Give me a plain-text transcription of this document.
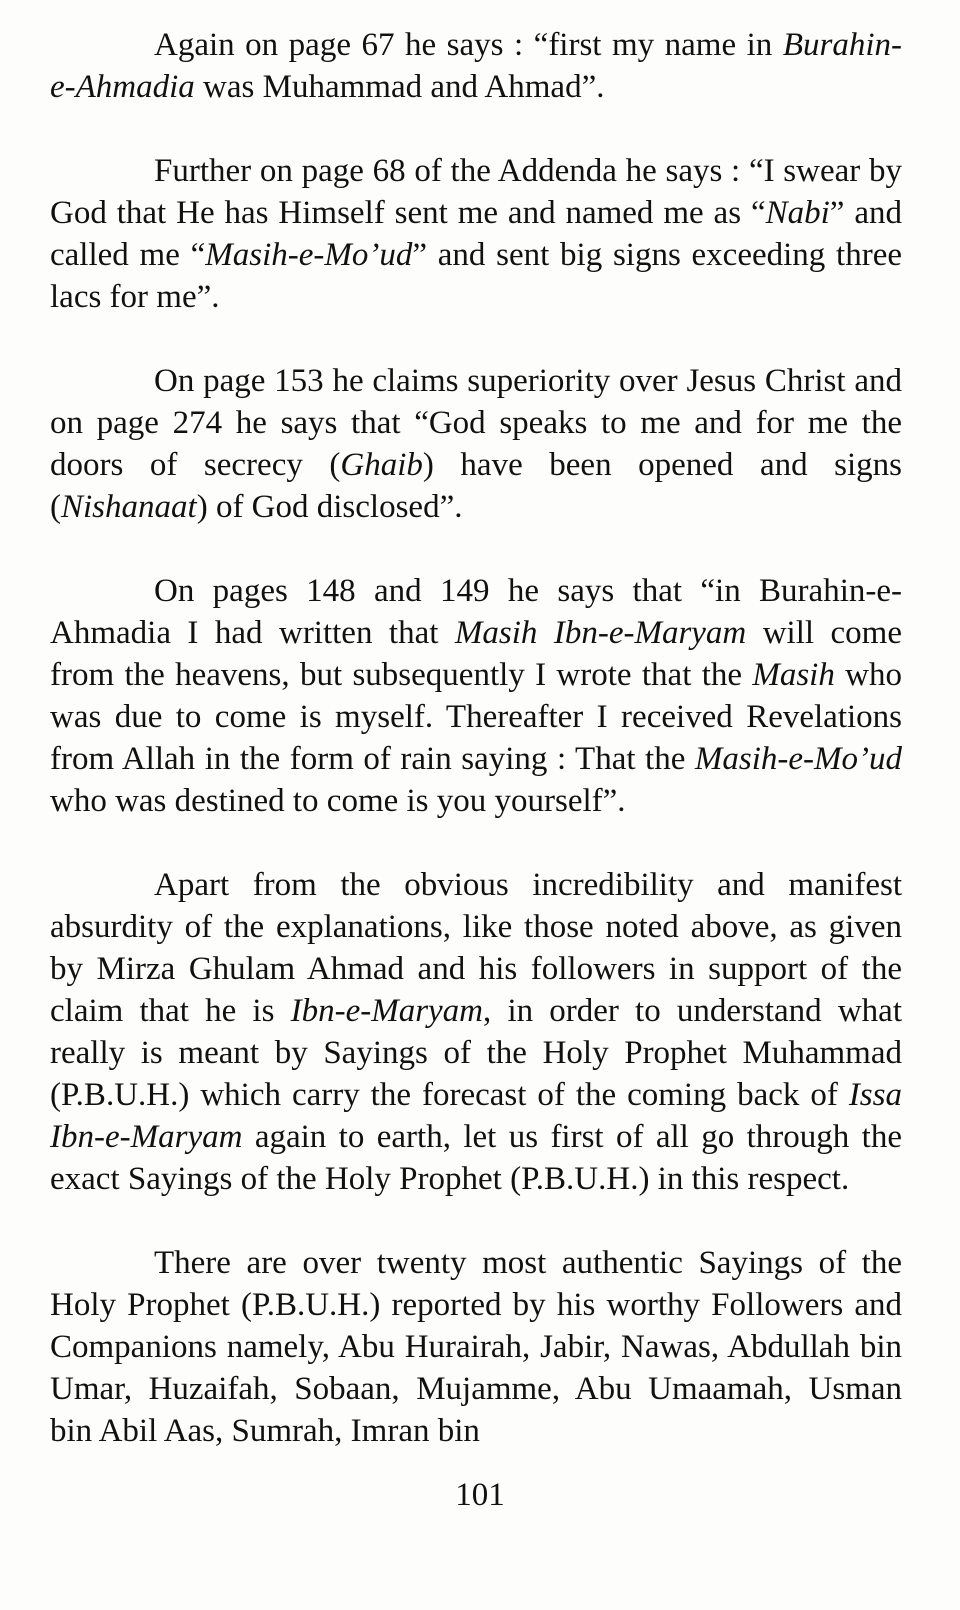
Again on page 67 he says : “first my name in Burahin-e-Ahmadia was Muhammad and Ahmad”.

Further on page 68 of the Addenda he says : “I swear by God that He has Himself sent me and named me as “Nabi” and called me “Masih-e-Mo’ud” and sent big signs exceeding three lacs for me”.

On page 153 he claims superiority over Jesus Christ and on page 274 he says that “God speaks to me and for me the doors of secrecy (Ghaib) have been opened and signs (Nishanaat) of God disclosed”.

On pages 148 and 149 he says that “in Burahin-e-Ahmadia I had written that Masih Ibn-e-Maryam will come from the heavens, but subsequently I wrote that the Masih who was due to come is myself. Thereafter I received Revelations from Allah in the form of rain saying : That the Masih-e-Mo’ud who was destined to come is you yourself”.

Apart from the obvious incredibility and manifest absurdity of the explanations, like those noted above, as given by Mirza Ghulam Ahmad and his followers in support of the claim that he is Ibn-e-Maryam, in order to understand what really is meant by Sayings of the Holy Prophet Muhammad (P.B.U.H.) which carry the forecast of the coming back of Issa Ibn-e-Maryam again to earth, let us first of all go through the exact Sayings of the Holy Prophet (P.B.U.H.) in this respect.

There are over twenty most authentic Sayings of the Holy Prophet (P.B.U.H.) reported by his worthy Followers and Companions namely, Abu Hurairah, Jabir, Nawas, Abdullah bin Umar, Huzaifah, Sobaan, Mujamme, Abu Umaamah, Usman bin Abil Aas, Sumrah, Imran bin

101
